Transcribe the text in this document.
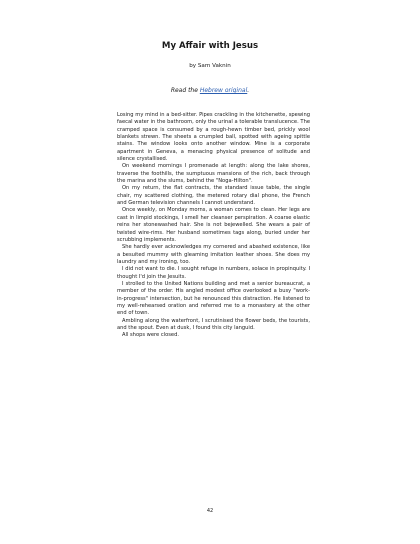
My Affair with Jesus
by Sam Vaknin
Read the Hebrew original.

Losing my mind in a bed-sitter. Pipes crackling in the kitchenette, spewing faecal water in the bathroom, only the urinal a tolerable translucence. The cramped space is consumed by a rough-hewn timber bed, prickly wool blankets strewn. The sheets a crumpled ball, spotted with ageing spittle stains. The window looks onto another window. Mine is a corporate apartment in Geneva, a menacing physical presence of solitude and silence crystallised.

On weekend mornings I promenade at length: along the lake shores, traverse the foothills, the sumptuous mansions of the rich, back through the marina and the slums, behind the "Noga-Hilton".

On my return, the flat contracts, the standard issue table, the single chair, my scattered clothing, the metered rotary dial phone, the French and German television channels I cannot understand.

Once weekly, on Monday morns, a woman comes to clean. Her legs are cast in limpid stockings, I smell her cleanser perspiration. A coarse elastic reins her stonewashed hair. She is not bejewelled. She wears a pair of twisted wire-rims. Her husband sometimes tags along, buried under her scrubbing implements.

She hardly ever acknowledges my cornered and abashed existence, like a besuited mummy with gleaming imitation leather shoes. She does my laundry and my ironing, too.

I did not want to die. I sought refuge in numbers, solace in propinquity. I thought I'd join the Jesuits.

I strolled to the United Nations building and met a senior bureaucrat, a member of the order. His angled modest office overlooked a busy "work-in-progress" intersection, but he renounced this distraction. He listened to my well-rehearsed oration and referred me to a monastery at the other end of town.

Ambling along the waterfront, I scrutinised the flower beds, the tourists, and the spout. Even at dusk, I found this city languid.

All shops were closed.

42
